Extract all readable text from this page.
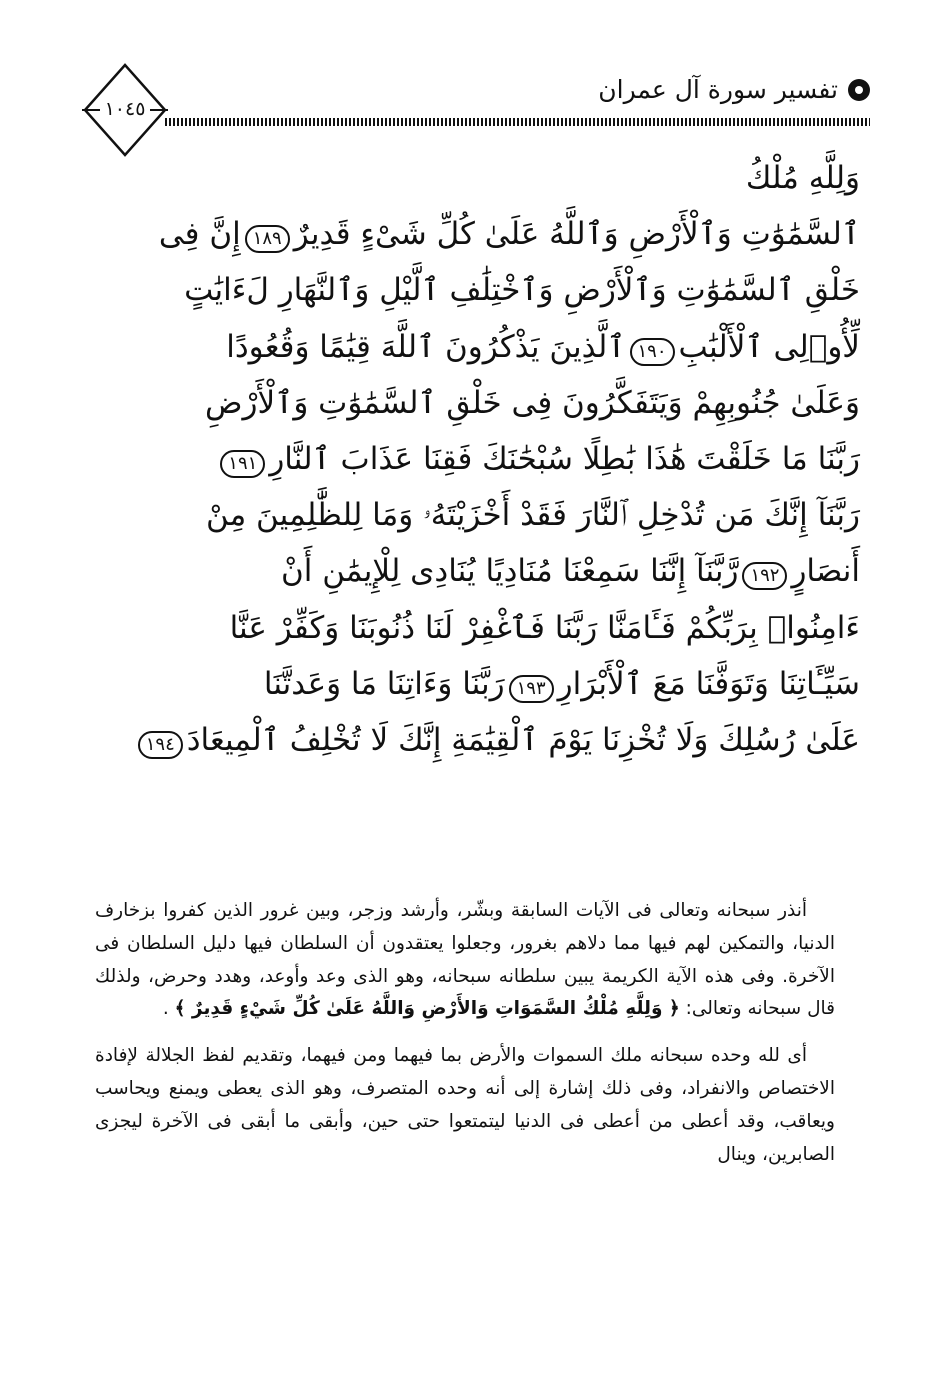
١٠٤٥
تفسير سورة آل عمران
وَلِلَّهِ مُلْكُ
ٱلسَّمَٰوَٰتِ وَٱلْأَرْضِ وَٱللَّهُ عَلَىٰ كُلِّ شَىْءٍ قَدِيرٌ١٨٩إِنَّ فِى
خَلْقِ ٱلسَّمَٰوَٰتِ وَٱلْأَرْضِ وَٱخْتِلَٰفِ ٱلَّيْلِ وَٱلنَّهَارِ لَءَايَٰتٍ
لِّأُو۟لِى ٱلْأَلْبَٰبِ١٩٠ٱلَّذِينَ يَذْكُرُونَ ٱللَّهَ قِيَٰمًا وَقُعُودًا
وَعَلَىٰ جُنُوبِهِمْ وَيَتَفَكَّرُونَ فِى خَلْقِ ٱلسَّمَٰوَٰتِ وَٱلْأَرْضِ
رَبَّنَا مَا خَلَقْتَ هَٰذَا بَٰطِلًا سُبْحَٰنَكَ فَقِنَا عَذَابَ ٱلنَّارِ١٩١
رَبَّنَآ إِنَّكَ مَن تُدْخِلِ ٱلنَّارَ فَقَدْ أَخْزَيْتَهُۥ وَمَا لِلظَّٰلِمِينَ مِنْ
أَنصَارٍ١٩٢رَّبَّنَآ إِنَّنَا سَمِعْنَا مُنَادِيًا يُنَادِى لِلْإِيمَٰنِ أَنْ
ءَامِنُوا۟ بِرَبِّكُمْ فَـَٔامَنَّا رَبَّنَا فَٱغْفِرْ لَنَا ذُنُوبَنَا وَكَفِّرْ عَنَّا
سَيِّـَٔاتِنَا وَتَوَفَّنَا مَعَ ٱلْأَبْرَارِ١٩٣رَبَّنَا وَءَاتِنَا مَا وَعَدتَّنَا
عَلَىٰ رُسُلِكَ وَلَا تُخْزِنَا يَوْمَ ٱلْقِيَٰمَةِ إِنَّكَ لَا تُخْلِفُ ٱلْمِيعَادَ١٩٤

أنذر سبحانه وتعالى فى الآيات السابقة وبشّر، وأرشد وزجر، وبين غرور الذين كفروا بزخارف الدنيا، والتمكين لهم فيها مما دلاهم بغرور، وجعلوا يعتقدون أن السلطان فيها دليل السلطان فى الآخرة. وفى هذه الآية الكريمة يبين سلطانه سبحانه، وهو الذى وعد وأوعد، وهدد وحرض، ولذلك قال سبحانه وتعالى: ﴿ وَلِلَّهِ مُلْكُ السَّمَوَاتِ وَالأَرْضِ وَاللَّهُ عَلَىٰ كُلِّ شَيْءٍ قَدِيرٌ ﴾ .

أى لله وحده سبحانه ملك السموات والأرض بما فيهما ومن فيهما، وتقديم لفظ الجلالة لإفادة الاختصاص والانفراد، وفى ذلك إشارة إلى أنه وحده المتصرف، وهو الذى يعطى ويمنع ويحاسب ويعاقب، وقد أعطى من أعطى فى الدنيا ليتمتعوا حتى حين، وأبقى ما أبقى فى الآخرة ليجزى الصابرين، وينال
